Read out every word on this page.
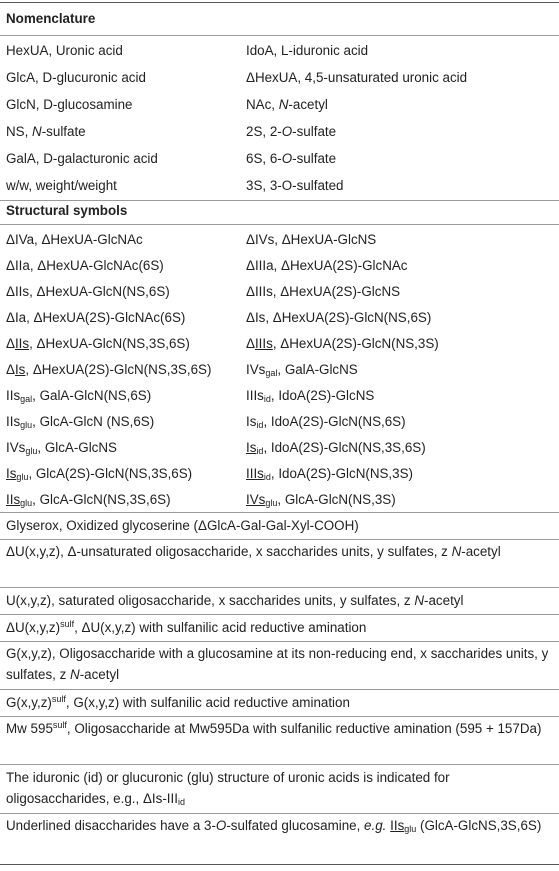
Nomenclature
HexUA, Uronic acid	IdoA, L-iduronic acid
GlcA, D-glucuronic acid	ΔHexUA, 4,5-unsaturated uronic acid
GlcN, D-glucosamine	NAc, N-acetyl
NS, N-sulfate	2S, 2-O-sulfate
GalA, D-galacturonic acid	6S, 6-O-sulfate
w/w, weight/weight	3S, 3-O-sulfated
Structural symbols
ΔIVa, ΔHexUA-GlcNAc	ΔIVs, ΔHexUA-GlcNS
ΔIIa, ΔHexUA-GlcNAc(6S)	ΔIIIa, ΔHexUA(2S)-GlcNAc
ΔIIs, ΔHexUA-GlcN(NS,6S)	ΔIIIs, ΔHexUA(2S)-GlcNS
ΔIa, ΔHexUA(2S)-GlcNAc(6S)	ΔIs, ΔHexUA(2S)-GlcN(NS,6S)
ΔIIs, ΔHexUA-GlcN(NS,3S,6S)	ΔIIIs, ΔHexUA(2S)-GlcN(NS,3S)
ΔIs, ΔHexUA(2S)-GlcN(NS,3S,6S)	IVs$_{gal}$, GalA-GlcNS
IIs$_{gal}$, GalA-GlcN(NS,6S)	IIIs$_{id}$, IdoA(2S)-GlcNS
IIs$_{glu}$, GlcA-GlcN (NS,6S)	$Is_{id}$, IdoA(2S)-GlcN(NS,6S)
IVs$_{glu}$, GlcA-GlcNS	$Is_{id}$, IdoA(2S)-GlcN(NS,3S,6S)
$Is_{glu}$, GlcA(2S)-GlcN(NS,3S,6S)	IIIs$_{id}$, IdoA(2S)-GlcN(NS,3S)
IIs$_{glu}$, GlcA-GlcN(NS,3S,6S)	IVs$_{glu}$, GlcA-GlcN(NS,3S)
Glyserox, Oxidized glycoserine (ΔGlcA-Gal-Gal-Xyl-COOH)
ΔU(x,y,z), Δ-unsaturated oligosaccharide, x saccharides units, y sulfates, z N-acetyl
U(x,y,z), saturated oligosaccharide, x saccharides units, y sulfates, z N-acetyl
$\Delta U(x,y,z)^{sulf}$, ΔU(x,y,z) with sulfanilic acid reductive amination
G(x,y,z), Oligosaccharide with a glucosamine at its non-reducing end, x saccharides units, y sulfates, z N-acetyl
$G(x,y,z)^{sulf}$, G(x,y,z) with sulfanilic acid reductive amination
Mw $595^{sulf}$, Oligosaccharide at Mw595Da with sulfanilic reductive amination (595 + 157Da)
The iduronic (id) or glucuronic (glu) structure of uronic acids is indicated for oligosaccharides, e.g., ΔIs-$III_{id}$
Underlined disaccharides have a 3-O-sulfated glucosamine, e.g. IIs$_{glu}$ (GlcA-GlcNS,3S,6S)
